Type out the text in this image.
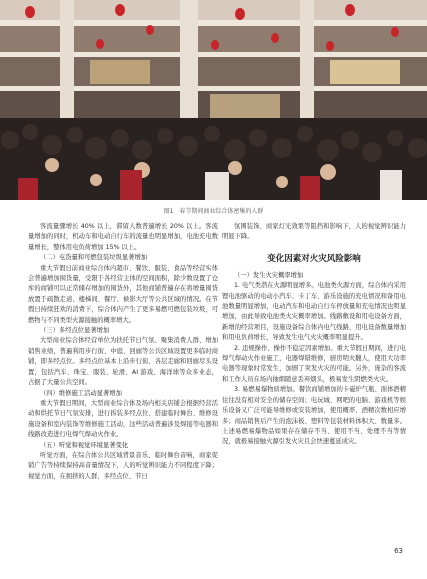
图1　春节期间商业综合体密集的人群

客流量骤增长 40% 以上，滞留人数普遍增长 20% 以上。客流量增加的同时，机动车和电动自行车的流量也明显增加，电池充电数量增长，整体用电负荷增加 15% 以上。

（二）屯货量和可燃包装垃圾显著增加

重大节假日前商业综合体内超市、餐饮、服装、食品等经营实体会普遍增加囤货量，受限于各经营主体的空间面积，除少数设置了仓库的商铺可以正常储存增加的囤货外，其他商铺普遍存在将增量囤货放置于疏散走道、楼梯间、餐厅、候影大厅等公共区域的情况。在节假日持续狂欢的消费下，综合体内产生了更多易燃可燃包装垃圾，可燃物与不同类型火源接触的概率增大。

（三）多经点位显著增加

大型商业综合体经营单位为扶托节日气氛、聚集消费人群、增加销售业绩，普遍利用步行街、中庭、回廊等公共区域设置更多临时商铺，即多经点位。多经点位基本上沿步行街、各层走廊和回廊尽头设置，包括汽车、珠宝、服装、轮滑、AI 游戏、海洋球等众多业态，占据了大量公共空间。

（四）维修施工活动显著增加

重大节假日期间，大型商业综合体及场内相关店铺会根据经营活动和烘托节日气氛安排，进行拆装多经点位、搭建临时舞台、维修设施设备和室内装饰等维修施工活动，这些活动普遍涉及焊接等电器和线路改造进行电焊气焊动火作业。

（五）听觉和视觉环境显著变化

听觉方面，在综合体公共区域背景音乐、临时舞台音响，商家促销广告等持续保持高音量情况下，人的听觉辨识能力不同程度下降；视觉方面，在拥挤的人群、多经点位、节日

氛围装饰、商家灯光效果等阻挡和影响下，人的视觉辨识能力明显下降。

变化因素对火灾风险影响
（一）发生火灾概率增加

1. 电气类潜在火源明显增多。电池类火源方面，综合体内采用锂电池驱动的电动小汽车、卡丁车、游乐设施的充电情况和备用电池数量明显增加，电动汽车和电动自行车停放量和充电情况也明显增加，由此导致电池类火灾概率增加。线路敷设和用电设备方面，新增的经营项目，设施设备综合体内电气线路、用电设备数量增加和用电负荷增长，导致发生电气火灾概率明显提升。

2. 违规操作、操作不稳定因素增加。重大节假日期间，进行电焊气焊动火作业施工，电器焊错维修，厨房明火翻人，使用大功率电器等现象时常发生，加剧了突发火灾的可能。另外，庞杂的客流和工作人员在场内抽烟随意丢弃烟头，极易发生阴燃类火灾。

3. 易燃易爆物质增加。餐饮商铺增加的卡磁炉气瓶、面体酒精往往没有相对安全的储存空间；电玩城、网吧的电脑、游戏机等娱乐设备又广泛可能导维修或安装增加，使用概率、酒精次数相应增多；商品销售后产生的泡沫板、塑料等包装材料体积大、数量多。上述易燃易爆物品如果存在储存不当、使用不当、处理不当等情况，就极易接触火源引发火灾且会快速蔓延成灾。

63
